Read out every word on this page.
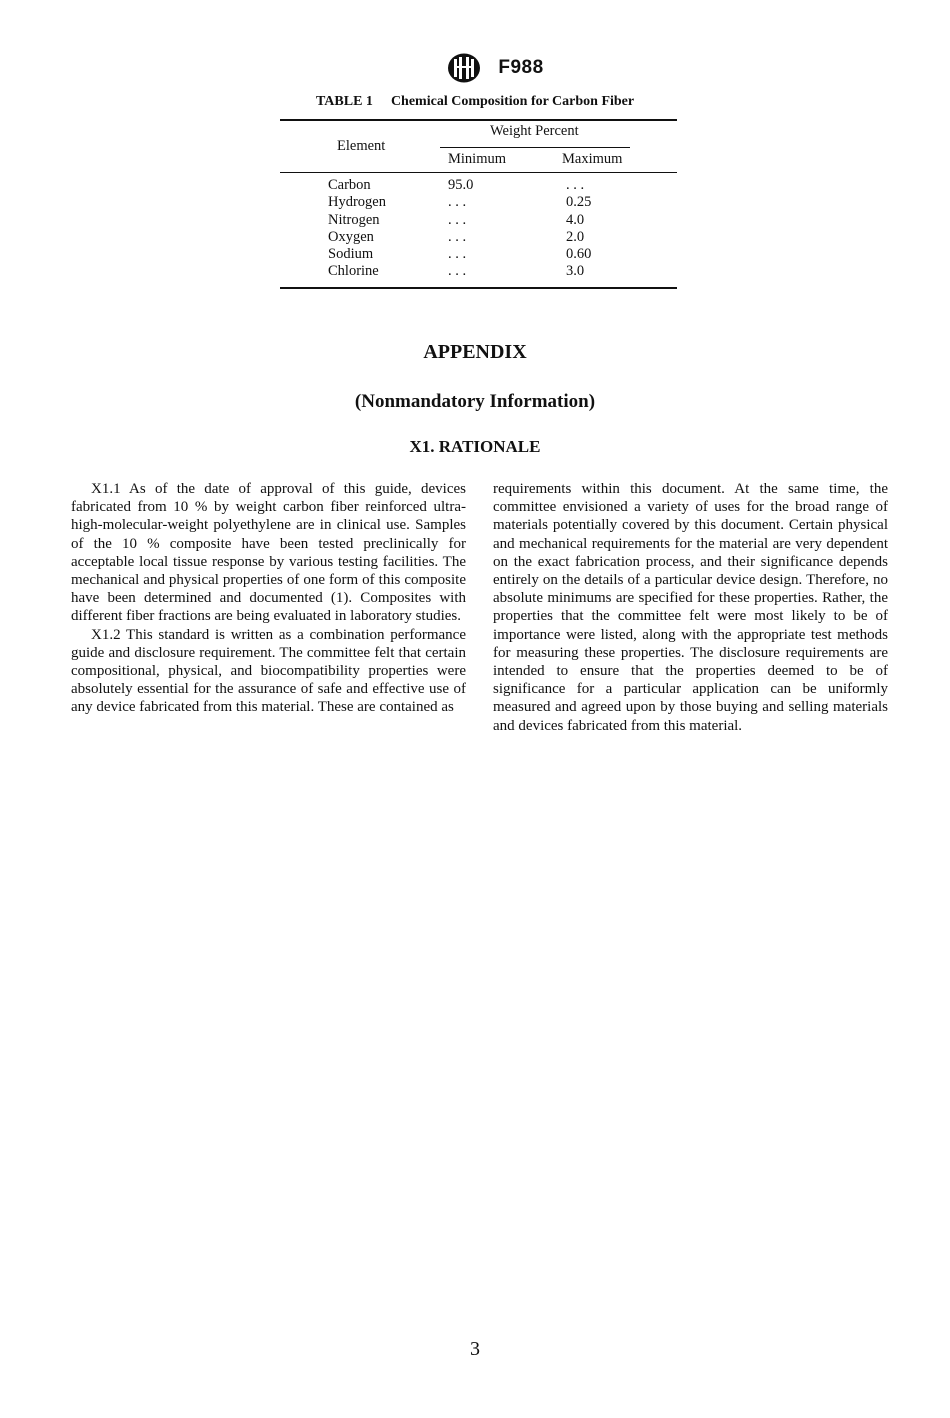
F988
TABLE 1 Chemical Composition for Carbon Fiber
Element
Weight Percent
Minimum	Maximum
Carbon	95.0	. . .
Hydrogen	. . .	0.25
Nitrogen	. . .	4.0
Oxygen	. . .	2.0
Sodium	. . .	0.60
Chlorine	. . .	3.0
APPENDIX
(Nonmandatory Information)
X1. RATIONALE

X1.1 As of the date of approval of this guide, devices fabricated from 10 % by weight carbon fiber reinforced ultra-high-molecular-weight polyethylene are in clinical use. Samples of the 10 % composite have been tested preclinically for acceptable local tissue response by various testing facilities. The mechanical and physical properties of one form of this composite have been determined and documented (1). Composites with different fiber fractions are being evaluated in laboratory studies.

X1.2 This standard is written as a combination performance guide and disclosure requirement. The committee felt that certain compositional, physical, and biocompatibility properties were absolutely essential for the assurance of safe and effective use of any device fabricated from this material. These are contained as

requirements within this document. At the same time, the committee envisioned a variety of uses for the broad range of materials potentially covered by this document. Certain physical and mechanical requirements for the material are very dependent on the exact fabrication process, and their significance depends entirely on the details of a particular device design. Therefore, no absolute minimums are specified for these properties. Rather, the properties that the committee felt were most likely to be of importance were listed, along with the appropriate test methods for measuring these properties. The disclosure requirements are intended to ensure that the properties deemed to be of significance for a particular application can be uniformly measured and agreed upon by those buying and selling materials and devices fabricated from this material.

3
